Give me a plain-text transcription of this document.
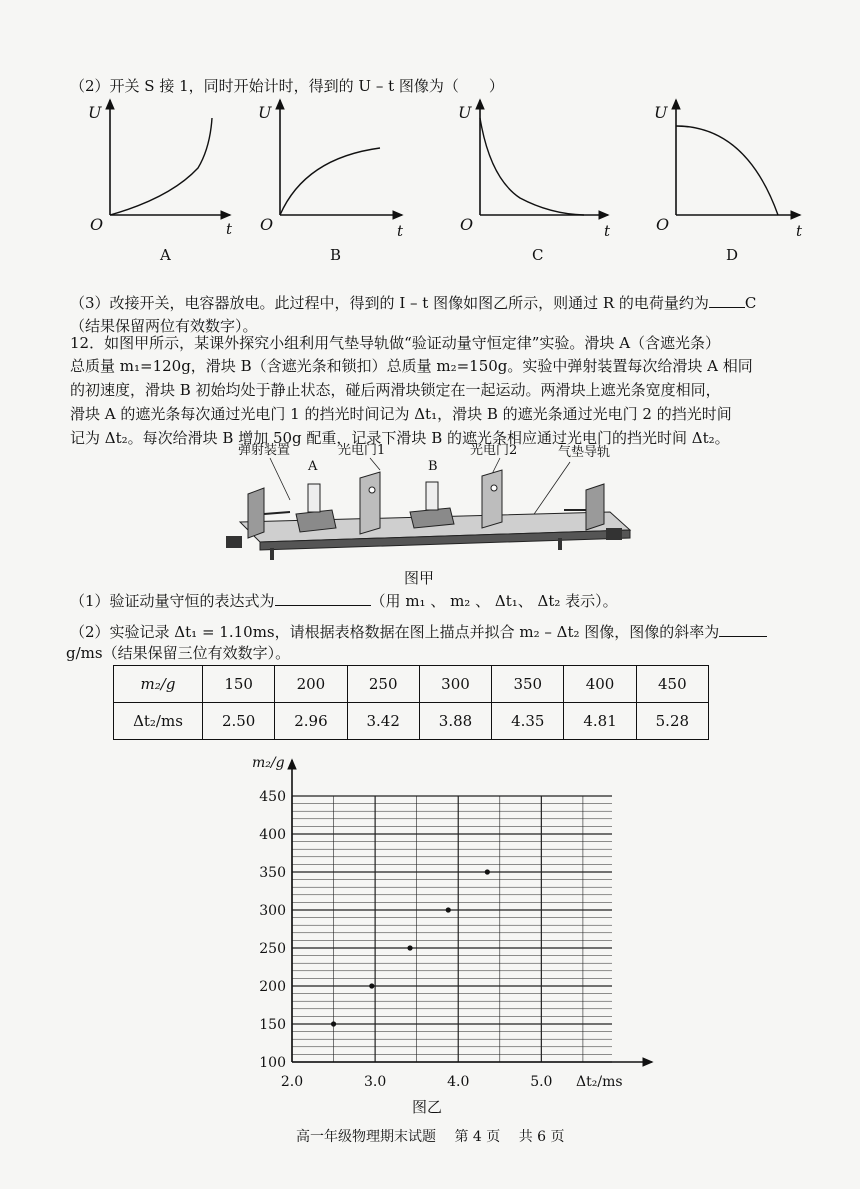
（2）开关 S 接 1，同时开始计时，得到的 U – t 图像为（　　）
U
O	t
A
U
O	t
B
U
O	t
C
U
O	t
D
（3）改接开关，电容器放电。此过程中，得到的 I – t 图像如图乙所示，则通过 R 的电荷量约为 C
（结果保留两位有效数字）。
12．如图甲所示，某课外探究小组利用气垫导轨做“验证动量守恒定律”实验。滑块 A（含遮光条）
总质量 m₁=120g，滑块 B（含遮光条和锁扣）总质量 m₂=150g。实验中弹射装置每次给滑块 A 相同
的初速度，滑块 B 初始均处于静止状态，碰后两滑块锁定在一起运动。两滑块上遮光条宽度相同，
滑块 A 的遮光条每次通过光电门 1 的挡光时间记为 Δt₁，滑块 B 的遮光条通过光电门 2 的挡光时间
记为 Δt₂。每次给滑块 B 增加 50g 配重，记录下滑块 B 的遮光条相应通过光电门的挡光时间 Δt₂。
弹射装置
A
光电门1
B
光电门2	气垫导轨
图甲
（1）验证动量守恒的表达式为	（用 m₁ 、 m₂ 、 Δt₁、 Δt₂ 表示）。
（2）实验记录 Δt₁ = 1.10ms，请根据表格数据在图上描点并拟合 m₂ – Δt₂ 图像，图像的斜率为
g/ms（结果保留三位有效数字）。
m₂/g	150	200	250	300	350	400	450
Δt₂/ms	2.50	2.96	3.42	3.88	4.35	4.81	5.28
100
150
200
250
300
350
400
450
2.0	3.0	4.0	5.0
m₂/g
Δt₂/ms
图乙
高一年级物理期末试题　 第 4 页　 共 6 页
